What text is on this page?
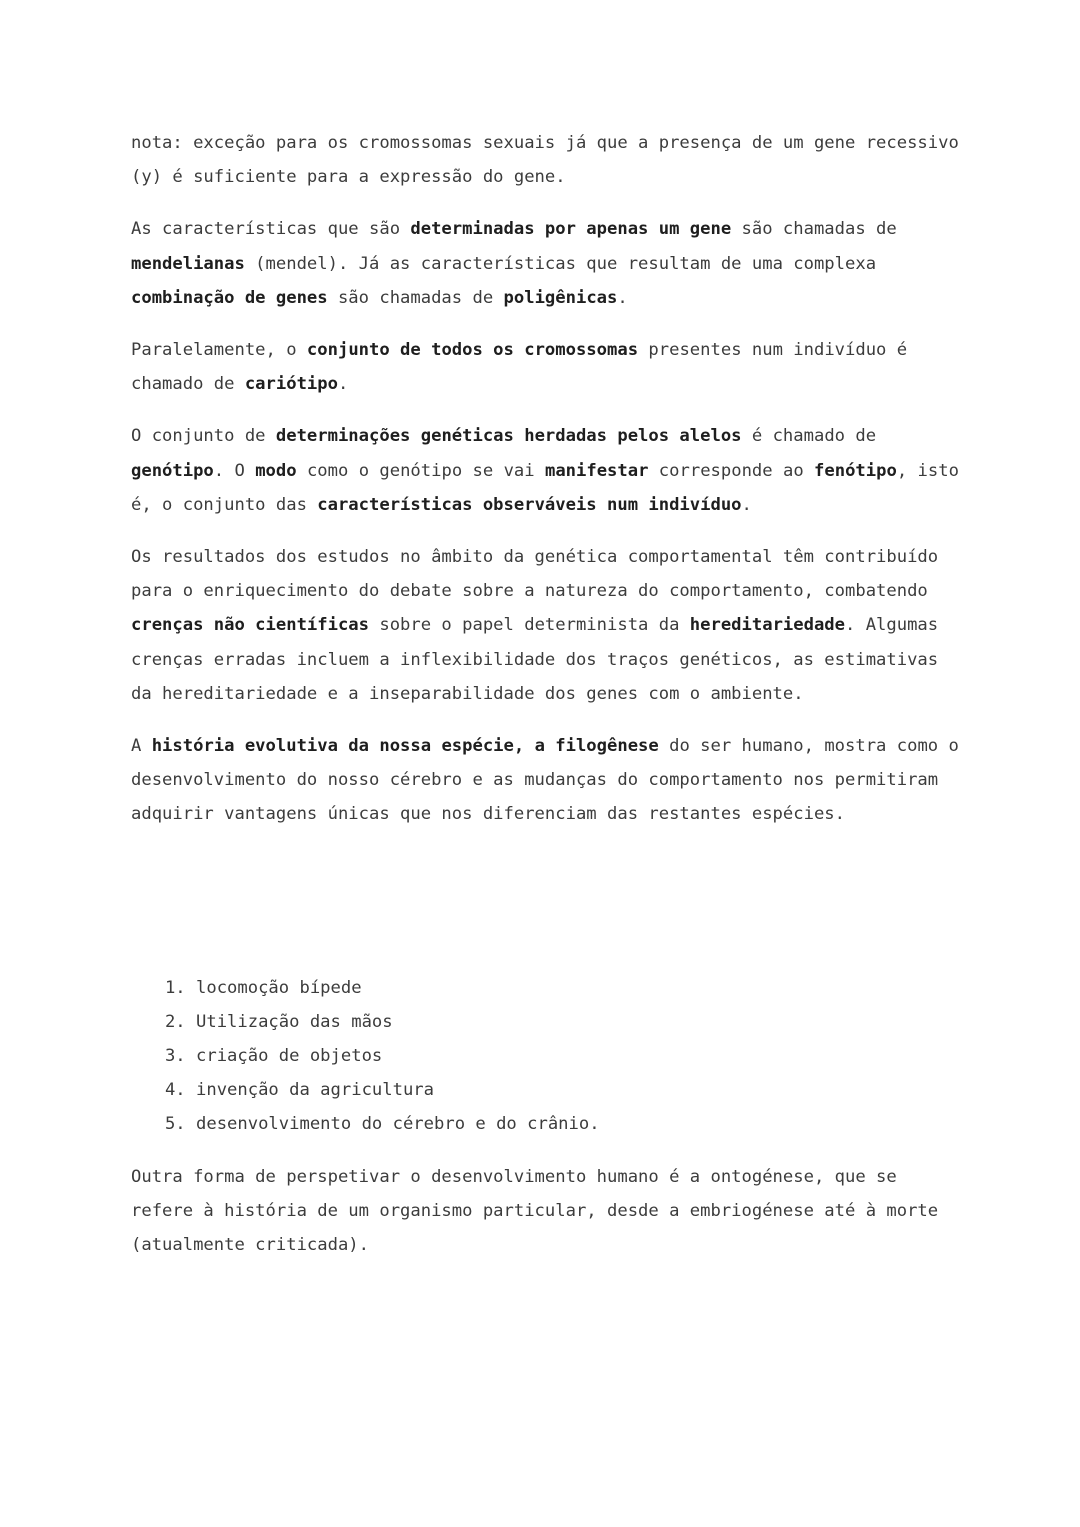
nota: exceção para os cromossomas sexuais já que a presença de um gene recessivo (y) é suficiente para a expressão do gene.

As características que são determinadas por apenas um gene são chamadas de mendelianas (mendel). Já as características que resultam de uma complexa combinação de genes são chamadas de poligênicas.

Paralelamente, o conjunto de todos os cromossomas presentes num indivíduo é chamado de cariótipo.

O conjunto de determinações genéticas herdadas pelos alelos é chamado de genótipo. O modo como o genótipo se vai manifestar corresponde ao fenótipo, isto é, o conjunto das características observáveis num indivíduo.

Os resultados dos estudos no âmbito da genética comportamental têm contribuído para o enriquecimento do debate sobre a natureza do comportamento, combatendo crenças não científicas sobre o papel determinista da hereditariedade. Algumas crenças erradas incluem a inflexibilidade dos traços genéticos, as estimativas da hereditariedade e a inseparabilidade dos genes com o ambiente.

A história evolutiva da nossa espécie, a filogênese do ser humano, mostra como o desenvolvimento do nosso cérebro e as mudanças do comportamento nos permitiram adquirir vantagens únicas que nos diferenciam das restantes espécies.

1. locomoção bípede
2. Utilização das mãos
3. criação de objetos
4. invenção da agricultura
5. desenvolvimento do cérebro e do crânio.

Outra forma de perspetivar o desenvolvimento humano é a ontogénese, que se refere à história de um organismo particular, desde a embriogénese até à morte (atualmente criticada).
